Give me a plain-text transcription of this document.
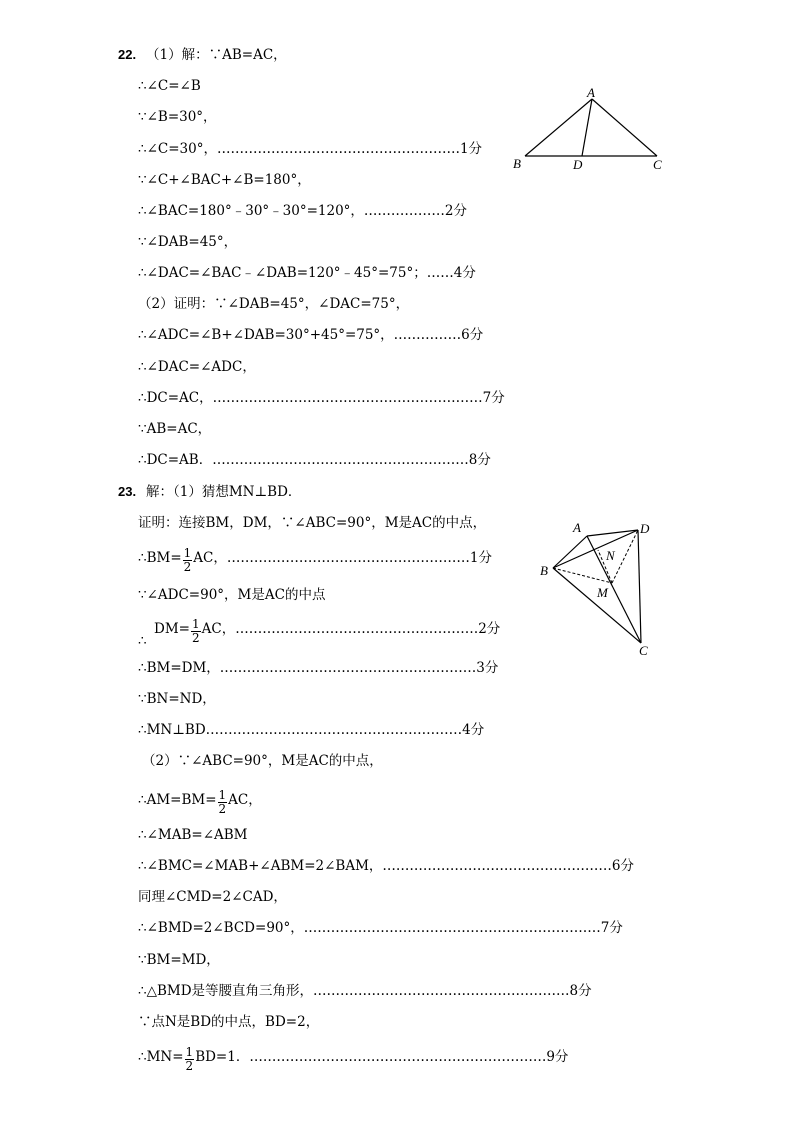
22. （1）解：∵AB=AC，
∴∠C=∠B
∵∠B=30°，
∴∠C=30°，………………………………………………1分
∵∠C+∠BAC+∠B=180°，
∴∠BAC=180°﹣30°﹣30°=120°，………………2分
∵∠DAB=45°，
∴∠DAC=∠BAC﹣∠DAB=120°﹣45°=75°；……4分
（2）证明：∵∠DAB=45°，∠DAC=75°，
∴∠ADC=∠B+∠DAB=30°+45°=75°，……………6分
∴∠DAC=∠ADC，
∴DC=AC，……………………………………………………7分
∵AB=AC，
∴DC=AB．…………………………………………………8分
A
B	D	C
23. 解：（1）猜想MN⊥BD．
证明：连接BM，DM，∵∠ABC=90°，M是AC的中点，
∴BM= $\frac{1}{2}$ AC，………………………………………………1分
∵∠ADC=90°，M是AC的中点
$DM= \frac{1}{2}$ AC，………………………………………………2分
∴
∴BM=DM，…………………………………………………3分
∵BN=ND，
∴MN⊥BD…………………………………………………4分
（2）∵∠ABC=90°，M是AC的中点，
∴AM=BM= $\frac{1}{2}$ AC，
∴∠MAB=∠ABM
∴∠BMC=∠MAB+∠ABM=2∠BAM，……………………………………………6分
同理∠CMD=2∠CAD，
∴∠BMD=2∠BCD=90°，…………………………………………………………7分
∵BM=MD，
∴△BMD是等腰直角三角形，…………………………………………………8分
∵点N是BD的中点，BD=2，
∴MN= $\frac{1}{2} BD=1$．…………………………………………………………9分
A	D
B
N
M
C
